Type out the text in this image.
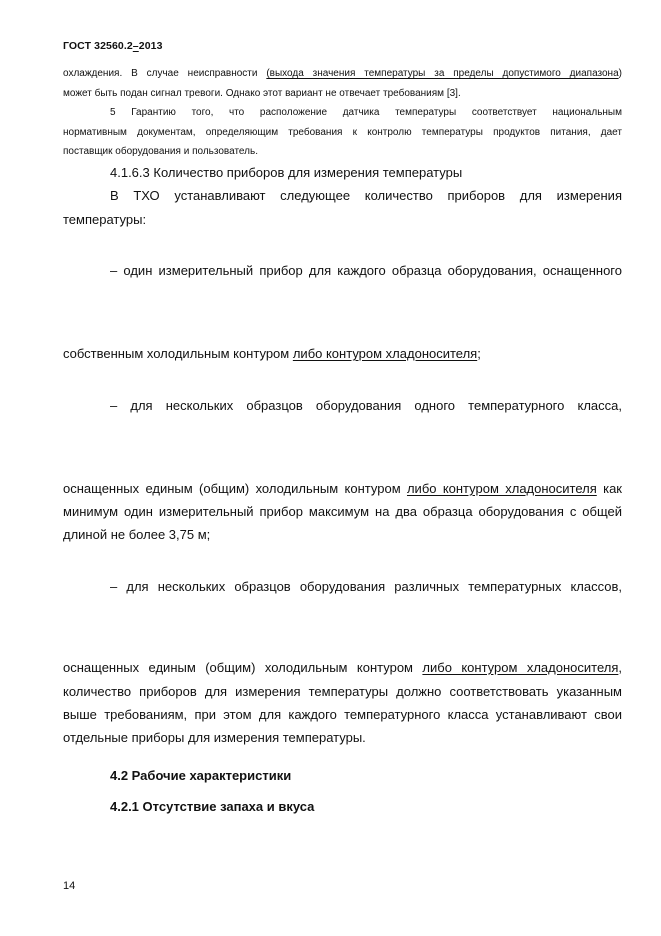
ГОСТ 32560.2–2013
охлаждения. В случае неисправности (выхода значения температуры за пределы допустимого диапазона)
может быть подан сигнал тревоги. Однако этот вариант не отвечает требованиям [3].
5 Гарантию того, что расположение датчика температуры соответствует национальным
нормативным документам, определяющим требования к контролю температуры продуктов питания, дает
поставщик оборудования и пользователь.
4.1.6.3 Количество приборов для измерения температуры
В ТХО устанавливают следующее количество приборов для измерения
температуры:
– один измерительный прибор для каждого образца оборудования, оснащенного
собственным холодильным контуром либо контуром хладоносителя;
– для нескольких образцов оборудования одного температурного класса,
оснащенных единым (общим) холодильным контуром либо контуром хладоносителя как
минимум один измерительный прибор максимум на два образца оборудования с общей
длиной не более 3,75 м;
– для нескольких образцов оборудования различных температурных классов,
оснащенных единым (общим) холодильным контуром либо контуром хладоносителя,
количество приборов для измерения температуры должно соответствовать указанным
выше требованиям, при этом для каждого температурного класса устанавливают свои
отдельные приборы для измерения температуры.
4.2 Рабочие характеристики
4.2.1 Отсутствие запаха и вкуса
14
